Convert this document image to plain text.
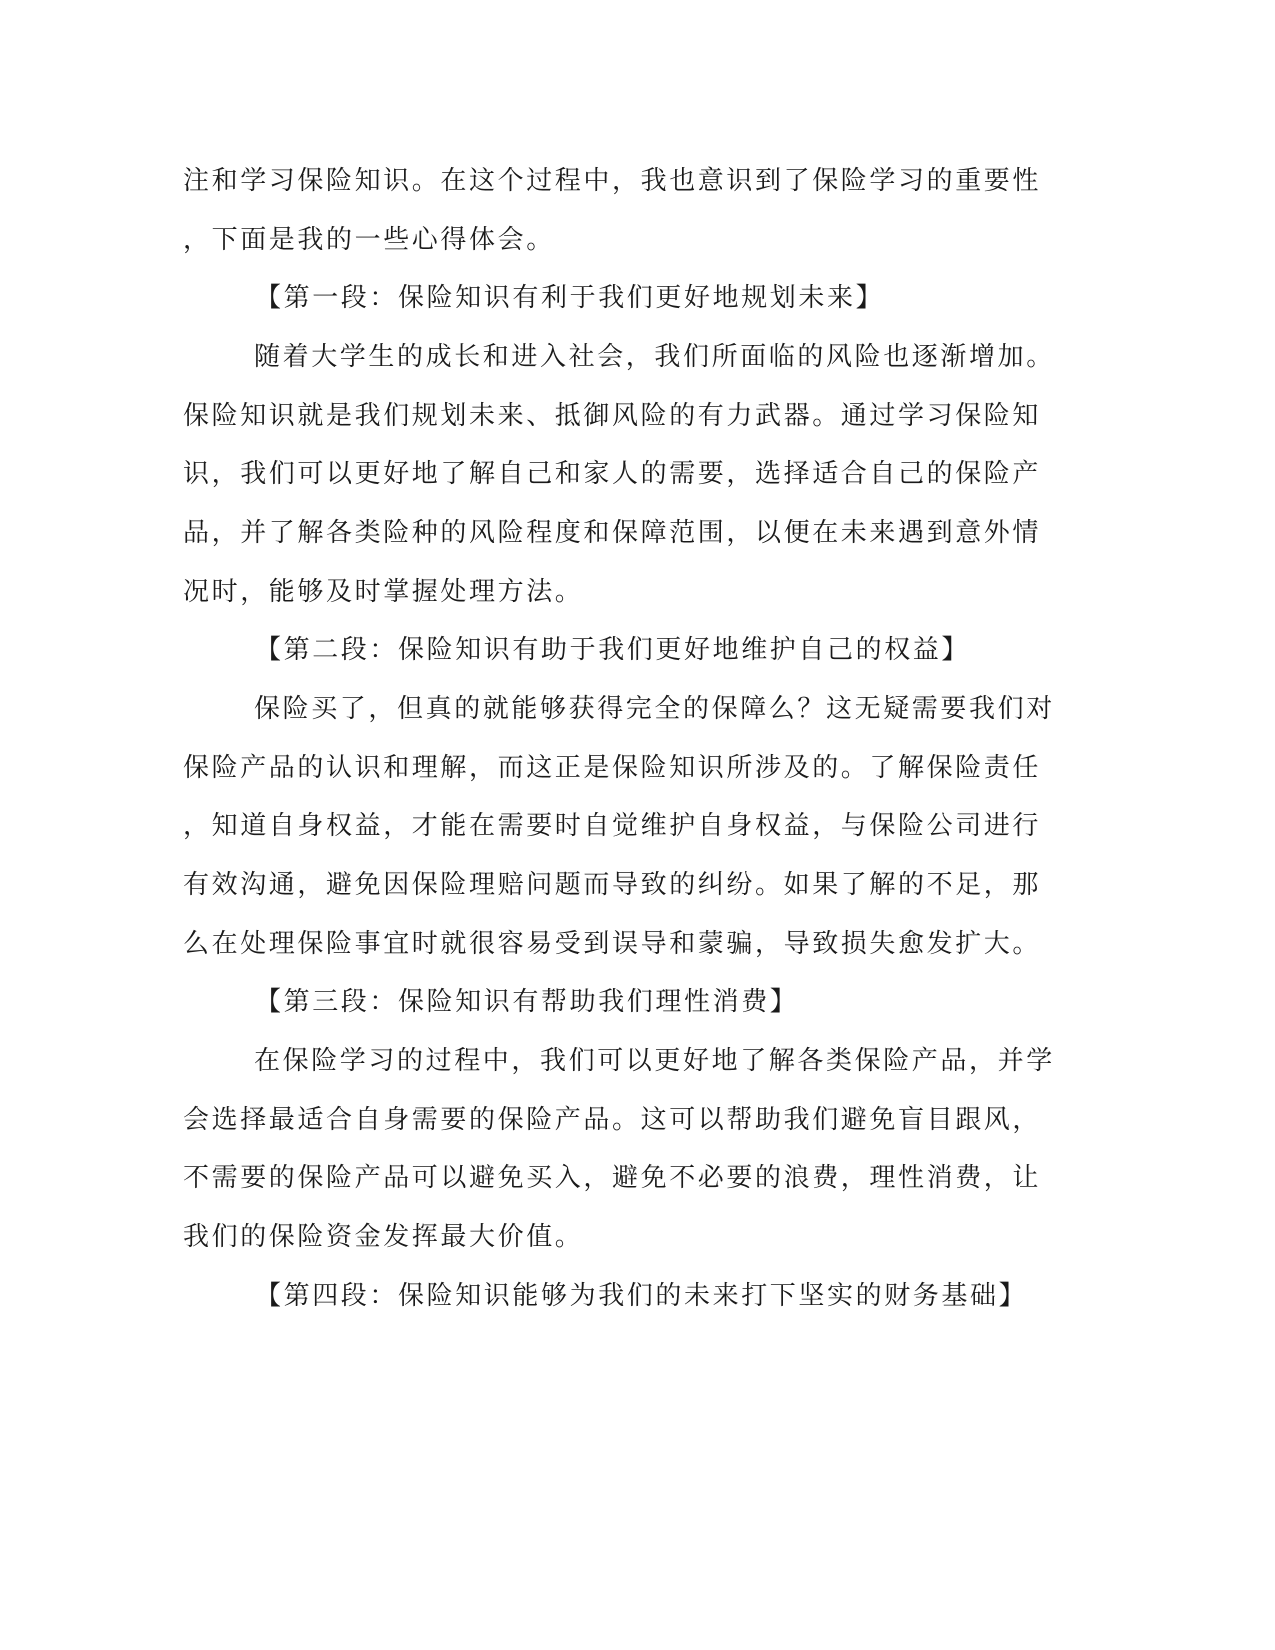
注和学习保险知识。在这个过程中，我也意识到了保险学习的重要性
，下面是我的一些心得体会。
【第一段：保险知识有利于我们更好地规划未来】
随着大学生的成长和进入社会，我们所面临的风险也逐渐增加。
保险知识就是我们规划未来、抵御风险的有力武器。通过学习保险知
识，我们可以更好地了解自己和家人的需要，选择适合自己的保险产
品，并了解各类险种的风险程度和保障范围，以便在未来遇到意外情
况时，能够及时掌握处理方法。
【第二段：保险知识有助于我们更好地维护自己的权益】
保险买了，但真的就能够获得完全的保障么？这无疑需要我们对
保险产品的认识和理解，而这正是保险知识所涉及的。了解保险责任
，知道自身权益，才能在需要时自觉维护自身权益，与保险公司进行
有效沟通，避免因保险理赔问题而导致的纠纷。如果了解的不足，那
么在处理保险事宜时就很容易受到误导和蒙骗，导致损失愈发扩大。
【第三段：保险知识有帮助我们理性消费】
在保险学习的过程中，我们可以更好地了解各类保险产品，并学
会选择最适合自身需要的保险产品。这可以帮助我们避免盲目跟风，
不需要的保险产品可以避免买入，避免不必要的浪费，理性消费，让
我们的保险资金发挥最大价值。
【第四段：保险知识能够为我们的未来打下坚实的财务基础】
